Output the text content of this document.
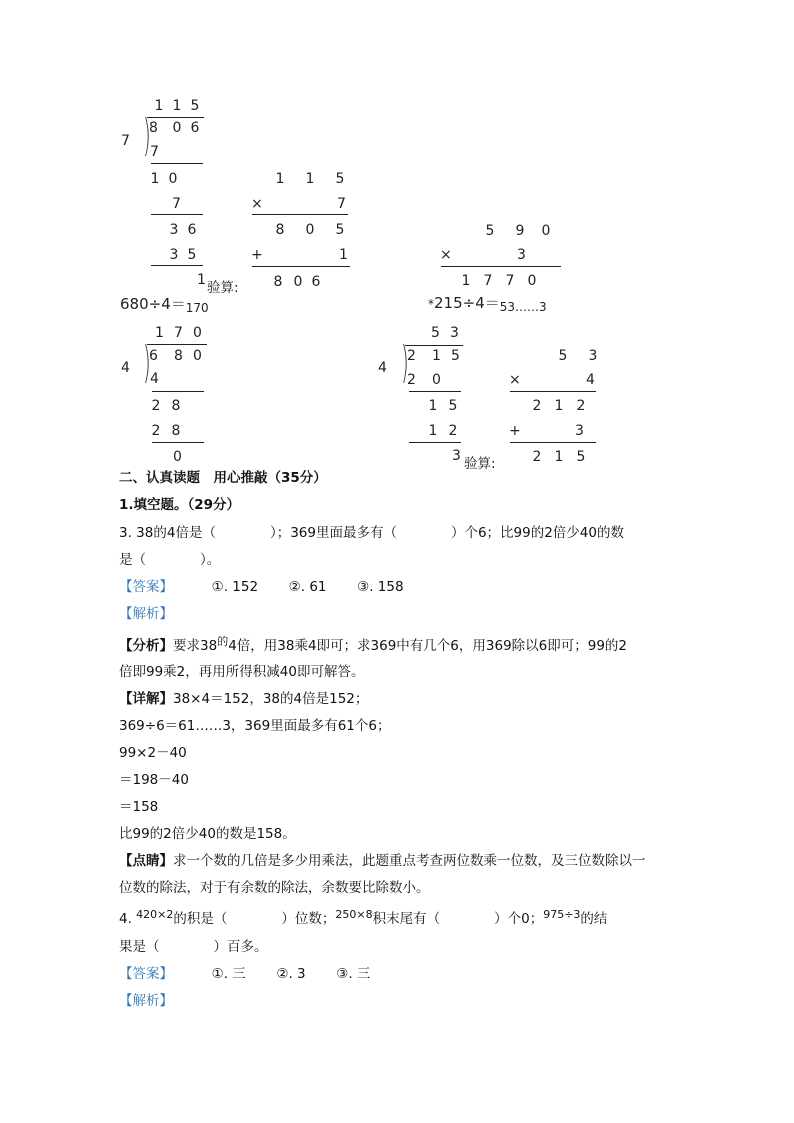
1 1 5
7 )
8	0 6
7
1 0
7
3 6
3 5
1 验算:
1	1	5
×	7
8	0	5
+	1
8 0 6
5	9	0
×	3
1 7 7 0
680÷4＝170	*215÷4＝53……3
1 7 0
4 )
6	8 0
4
2 8
2 8
0
5 3
4 )
2	1 5
2	0
1 5
1 2
3 验算:
5	3
×	4
2 1 2
+	3
2 1 5
二、认真读题　用心推敲（35分）
1.填空题。（29分）
3. 38的4倍是（　　　　）；369里面最多有（　　　　）个6；比99的2倍少40的数
是（　　　　）。
【答案】	①. 152 ②. 61 ③. 158
【解析】
【分析】要求$38^的4$倍，用38乘4即可；求369中有几个6，用369除以6即可；99的2
倍即99乘2，再用所得积减40即可解答。
【详解】38×4＝152，38的4倍是152；
369÷6＝61……3，369里面最多有61个6；
99×2－40
＝198－40
＝158
比99的2倍少40的数是158。
【点睛】求一个数的几倍是多少用乘法，此题重点考查两位数乘一位数，及三位数除以一
位数的除法，对于有余数的除法，余数要比除数小。
4. $^{420\times 2}$的积是（　　　　）位数；$^{250\times 8}$积末尾有（　　　　）个0；$^{975\div 3}$的结
果是（　　　　）百多。
【答案】	①. 三 ②. 3 ③. 三
【解析】
